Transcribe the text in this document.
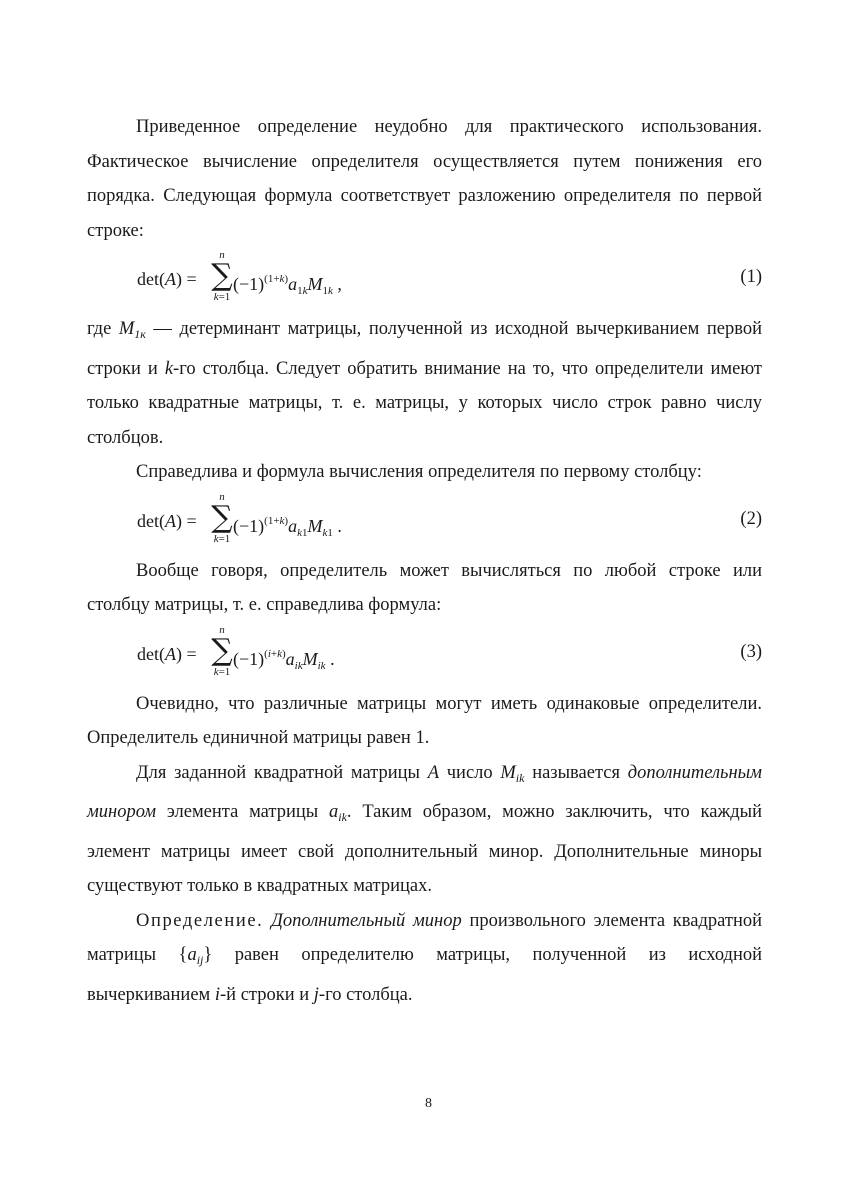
Приведенное определение неудобно для практического использования. Фактическое вычисление определителя осуществляется путем понижения его порядка. Следующая формула соответствует разложению определителя по первой строке:

det(A) =
n
∑
k=1
$(-1)^{(1+k)}a_{1k}M_{1k}$ ,	(1)

где $M_{1к}$ — детерминант матрицы, полученной из исходной вычеркиванием первой строки и k-го столбца. Следует обратить внимание на то, что определители имеют только квадратные матрицы, т. е. матрицы, у которых число строк равно числу столбцов.

Справедлива и формула вычисления определителя по первому столбцу:

det(A) =
n
∑
k=1
$(-1)^{(1+k)}a_{k1}M_{k1}$ .	(2)

Вообще говоря, определитель может вычисляться по любой строке или столбцу матрицы, т. е. справедлива формула:

det(A) =
n
∑
k=1
$(-1)^{(i+k)}a_{ik}M_{ik}$ .	(3)

Очевидно, что различные матрицы могут иметь одинаковые определители. Определитель единичной матрицы равен 1.

Для заданной квадратной матрицы A число $M_{ik}$ называется дополнительным минором элемента матрицы $a_{ik}$. Таким образом, можно заключить, что каждый элемент матрицы имеет свой дополнительный минор. Дополнительные миноры существуют только в квадратных матрицах.

Определение. Дополнительный минор произвольного элемента квадратной матрицы $\{a_{ij}\}$ равен определителю матрицы, полученной из исходной вычеркиванием i-й строки и j-го столбца.

8
